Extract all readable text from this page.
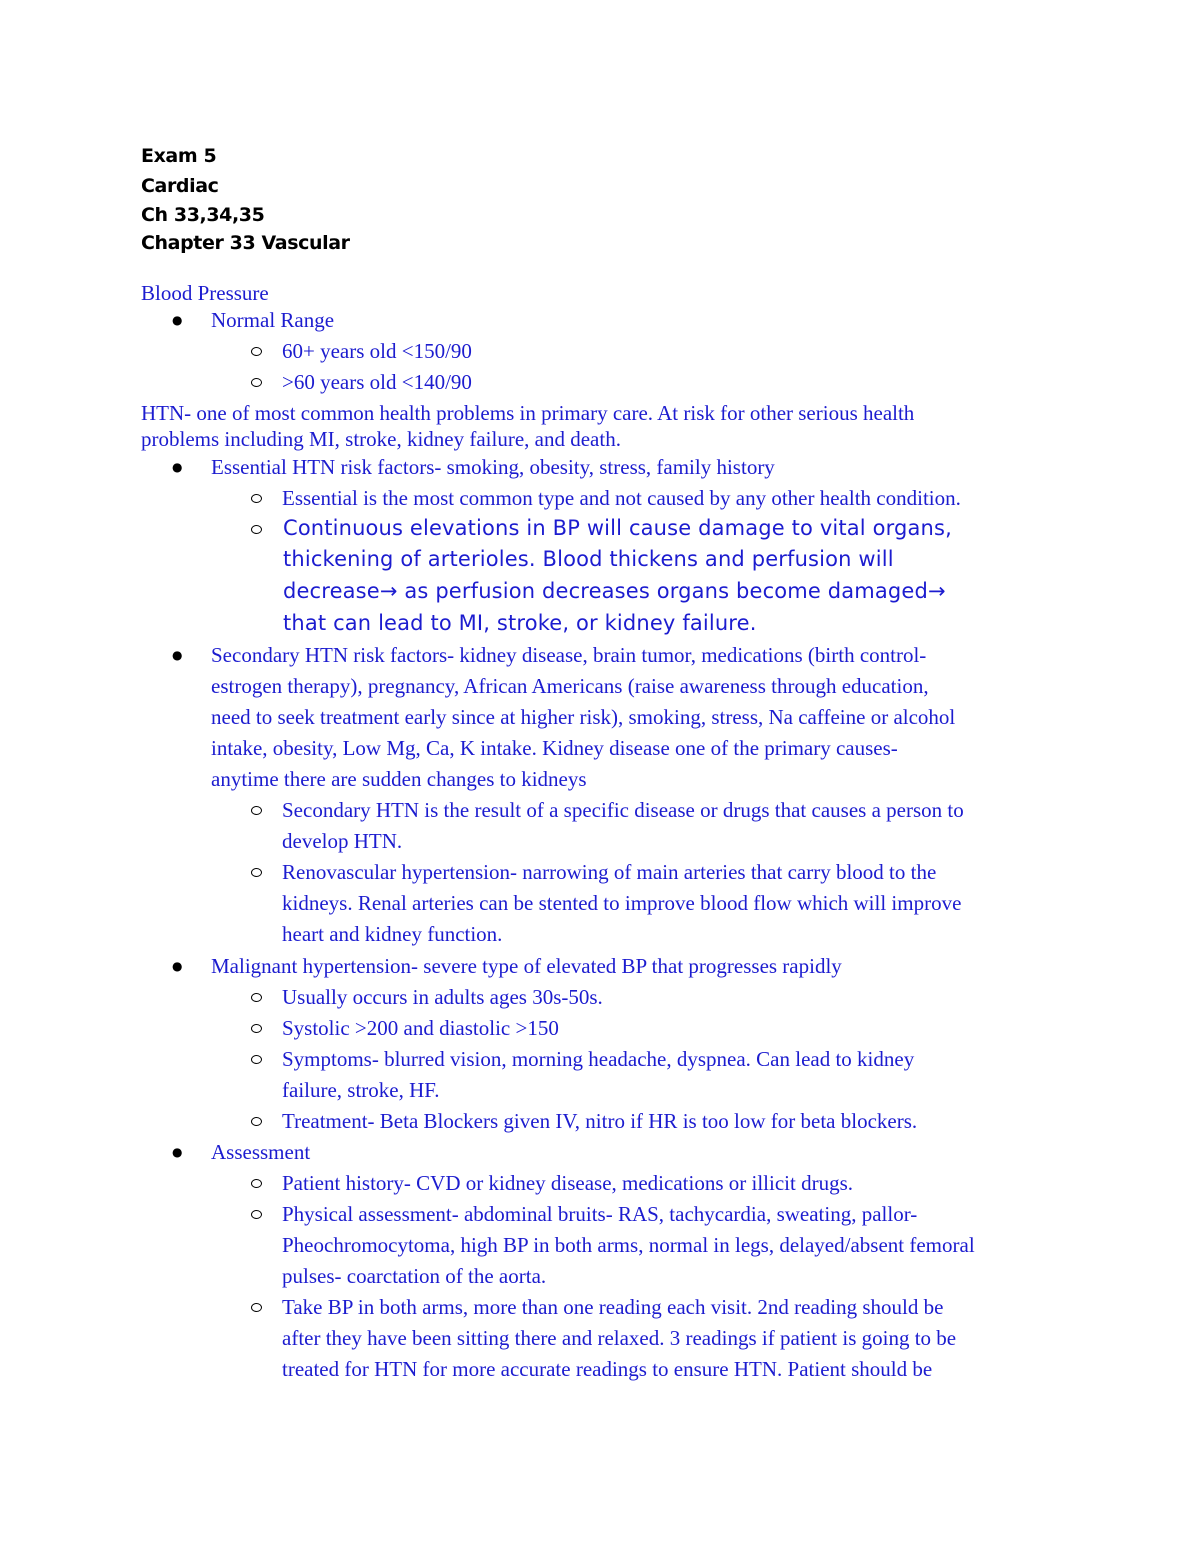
Exam 5
Cardiac
Ch 33,34,35
Chapter 33 Vascular
Blood Pressure
● Normal Range
60+ years old <150/90
>60 years old <140/90
HTN- one of most common health problems in primary care. At risk for other serious health
problems including MI, stroke, kidney failure, and death.
● Essential HTN risk factors- smoking, obesity, stress, family history
Essential is the most common type and not caused by any other health condition.
Continuous elevations in BP will cause damage to vital organs,
thickening of arterioles. Blood thickens and perfusion will
decrease→ as perfusion decreases organs become damaged→
that can lead to MI, stroke, or kidney failure.
● Secondary HTN risk factors- kidney disease, brain tumor, medications (birth control-
estrogen therapy), pregnancy, African Americans (raise awareness through education,
need to seek treatment early since at higher risk), smoking, stress, Na caffeine or alcohol
intake, obesity, Low Mg, Ca, K intake. Kidney disease one of the primary causes-
anytime there are sudden changes to kidneys
Secondary HTN is the result of a specific disease or drugs that causes a person to
develop HTN.
Renovascular hypertension- narrowing of main arteries that carry blood to the
kidneys. Renal arteries can be stented to improve blood flow which will improve
heart and kidney function.
● Malignant hypertension- severe type of elevated BP that progresses rapidly
Usually occurs in adults ages 30s-50s.
Systolic >200 and diastolic >150
Symptoms- blurred vision, morning headache, dyspnea. Can lead to kidney
failure, stroke, HF.
Treatment- Beta Blockers given IV, nitro if HR is too low for beta blockers.
● Assessment
Patient history- CVD or kidney disease, medications or illicit drugs.
Physical assessment- abdominal bruits- RAS, tachycardia, sweating, pallor-
Pheochromocytoma, high BP in both arms, normal in legs, delayed/absent femoral
pulses- coarctation of the aorta.
Take BP in both arms, more than one reading each visit. 2nd reading should be
after they have been sitting there and relaxed. 3 readings if patient is going to be
treated for HTN for more accurate readings to ensure HTN. Patient should be
